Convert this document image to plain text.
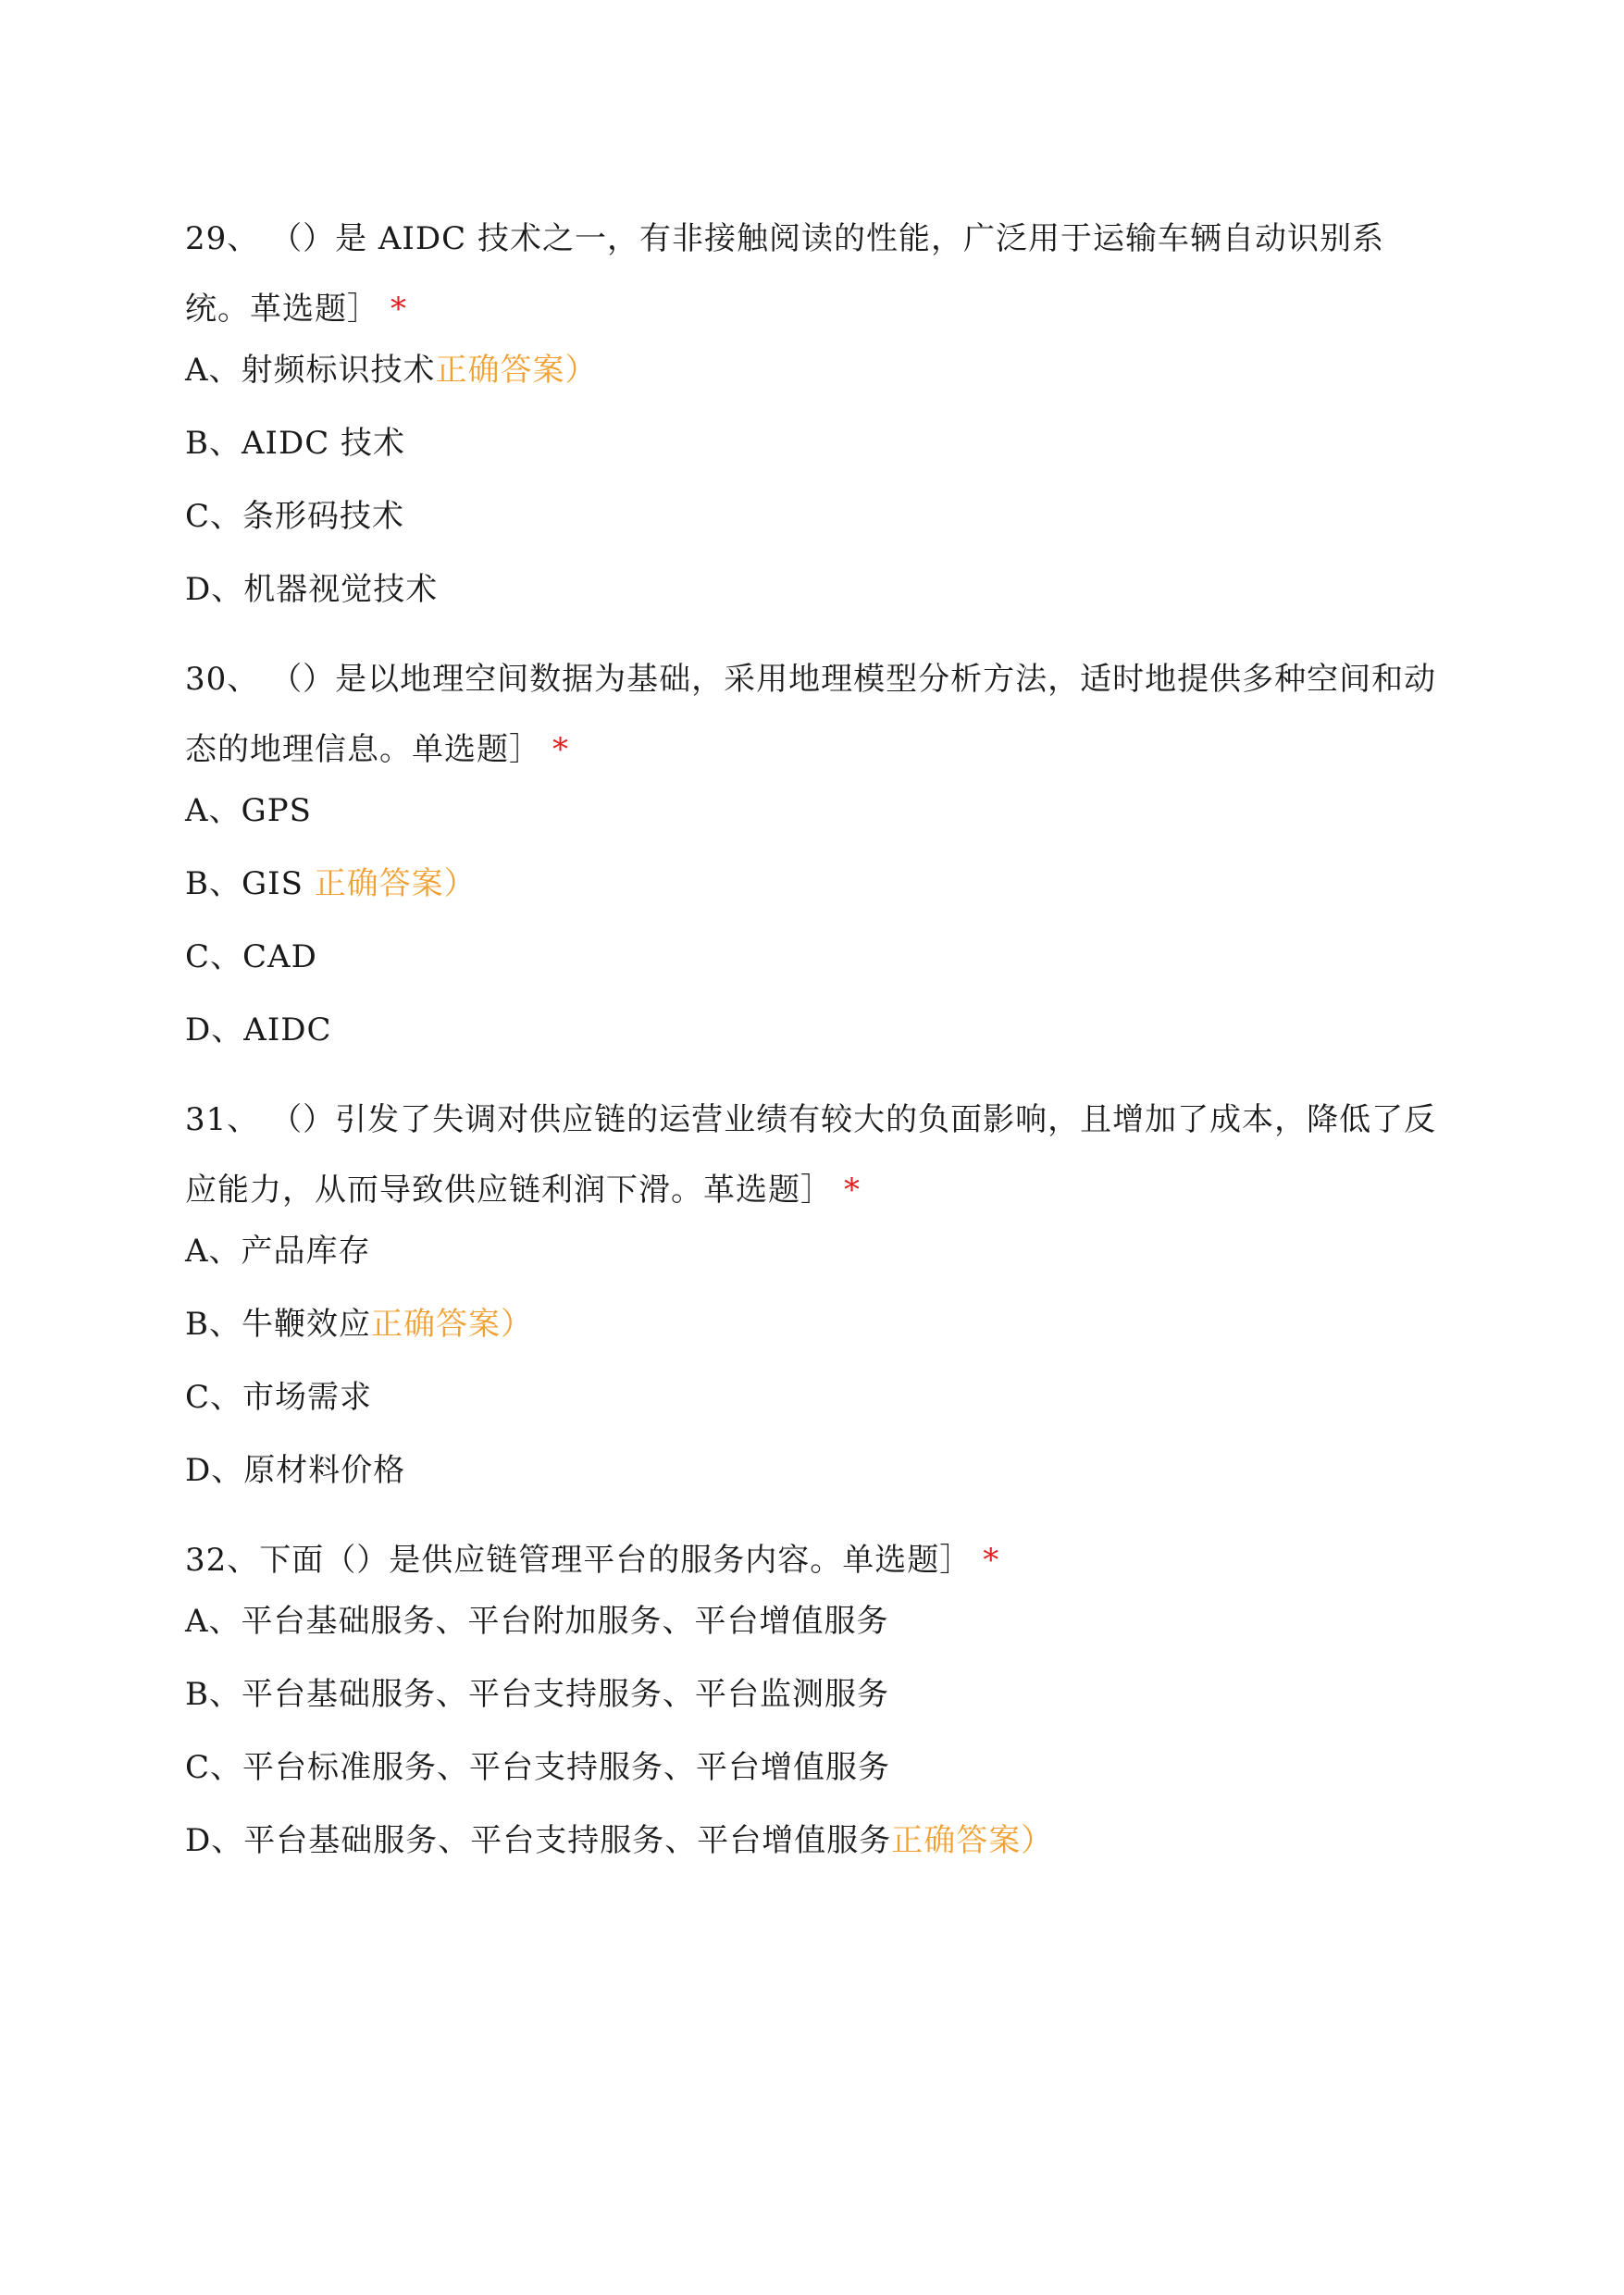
29、 （）是 AIDC 技术之一，有非接触阅读的性能，广泛用于运输车辆自动识别系统。革选题］ *
A、射频标识技术正确答案）
B、AIDC 技术
C、条形码技术
D、机器视觉技术
30、 （）是以地理空间数据为基础，采用地理模型分析方法，适时地提供多种空间和动态的地理信息。单选题］ *
A、GPS
B、GIS 正确答案）
C、CAD
D、AIDC
31、 （）引发了失调对供应链的运营业绩有较大的负面影响，且增加了成本，降低了反应能力，从而导致供应链利润下滑。革选题］ *
A、产品库存
B、牛鞭效应正确答案）
C、市场需求
D、原材料价格
32、下面（）是供应链管理平台的服务内容。单选题］ *
A、平台基础服务、平台附加服务、平台增值服务
B、平台基础服务、平台支持服务、平台监测服务
C、平台标准服务、平台支持服务、平台增值服务
D、平台基础服务、平台支持服务、平台增值服务正确答案）
